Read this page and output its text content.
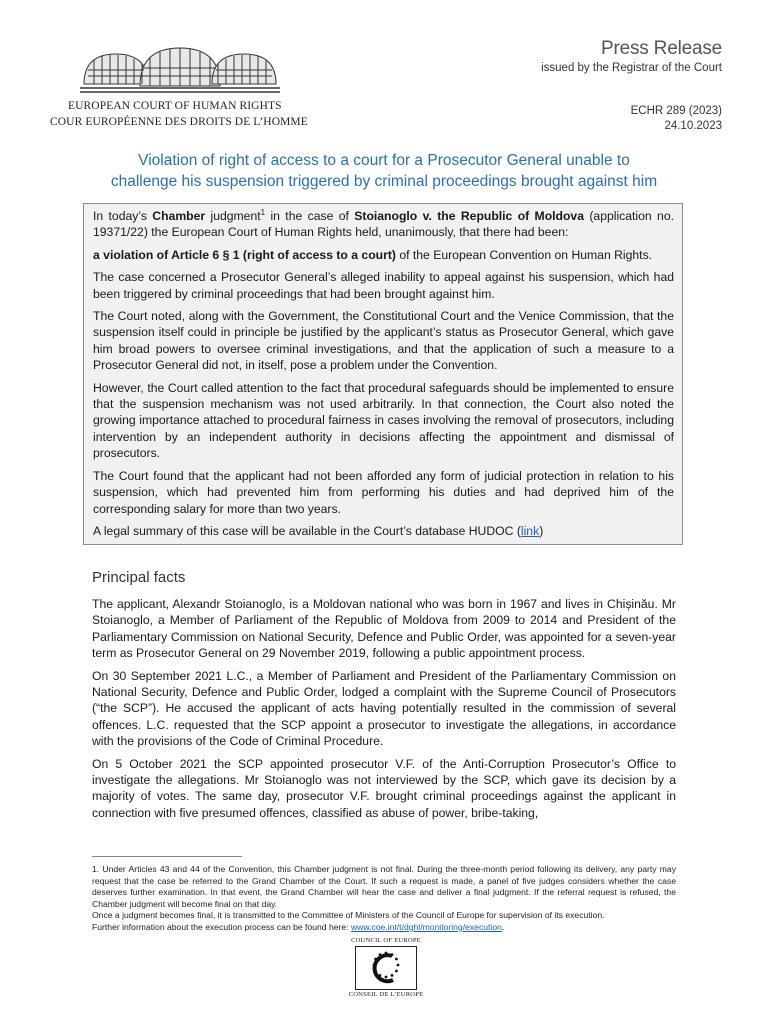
EUROPEAN COURT OF HUMAN RIGHTS
COUR EUROPÉENNE DES DROITS DE L’HOMME
Press Release
issued by the Registrar of the Court
ECHR 289 (2023)
24.10.2023
Violation of right of access to a court for a Prosecutor General unable to
challenge his suspension triggered by criminal proceedings brought against him

In today’s Chamber judgment$^1$ in the case of Stoianoglo v. the Republic of Moldova (application no. 19371/22) the European Court of Human Rights held, unanimously, that there had been:

a violation of Article 6 § 1 (right of access to a court) of the European Convention on Human Rights.

The case concerned a Prosecutor General’s alleged inability to appeal against his suspension, which had been triggered by criminal proceedings that had been brought against him.

The Court noted, along with the Government, the Constitutional Court and the Venice Commission, that the suspension itself could in principle be justified by the applicant’s status as Prosecutor General, which gave him broad powers to oversee criminal investigations, and that the application of such a measure to a Prosecutor General did not, in itself, pose a problem under the Convention.

However, the Court called attention to the fact that procedural safeguards should be implemented to ensure that the suspension mechanism was not used arbitrarily. In that connection, the Court also noted the growing importance attached to procedural fairness in cases involving the removal of prosecutors, including intervention by an independent authority in decisions affecting the appointment and dismissal of prosecutors.

The Court found that the applicant had not been afforded any form of judicial protection in relation to his suspension, which had prevented him from performing his duties and had deprived him of the corresponding salary for more than two years.

A legal summary of this case will be available in the Court’s database HUDOC (link)

Principal facts

The applicant, Alexandr Stoianoglo, is a Moldovan national who was born in 1967 and lives in Chișinău. Mr Stoianoglo, a Member of Parliament of the Republic of Moldova from 2009 to 2014 and President of the Parliamentary Commission on National Security, Defence and Public Order, was appointed for a seven-year term as Prosecutor General on 29 November 2019, following a public appointment process.

On 30 September 2021 L.C., a Member of Parliament and President of the Parliamentary Commission on National Security, Defence and Public Order, lodged a complaint with the Supreme Council of Prosecutors (“the SCP”). He accused the applicant of acts having potentially resulted in the commission of several offences. L.C. requested that the SCP appoint a prosecutor to investigate the allegations, in accordance with the provisions of the Code of Criminal Procedure.

On 5 October 2021 the SCP appointed prosecutor V.F. of the Anti-Corruption Prosecutor’s Office to investigate the allegations. Mr Stoianoglo was not interviewed by the SCP, which gave its decision by a majority of votes. The same day, prosecutor V.F. brought criminal proceedings against the applicant in connection with five presumed offences, classified as abuse of power, bribe-taking,

1. Under Articles 43 and 44 of the Convention, this Chamber judgment is not final. During the three-month period following its delivery, any party may request that the case be referred to the Grand Chamber of the Court. If such a request is made, a panel of five judges considers whether the case deserves further examination. In that event, the Grand Chamber will hear the case and deliver a final judgment. If the referral request is refused, the Chamber judgment will become final on that day.

Once a judgment becomes final, it is transmitted to the Committee of Ministers of the Council of Europe for supervision of its execution.

Further information about the execution process can be found here: www.coe.int/t/dghl/monitoring/execution.

COUNCIL OF EUROPE
CONSEIL DE L’EUROPE
